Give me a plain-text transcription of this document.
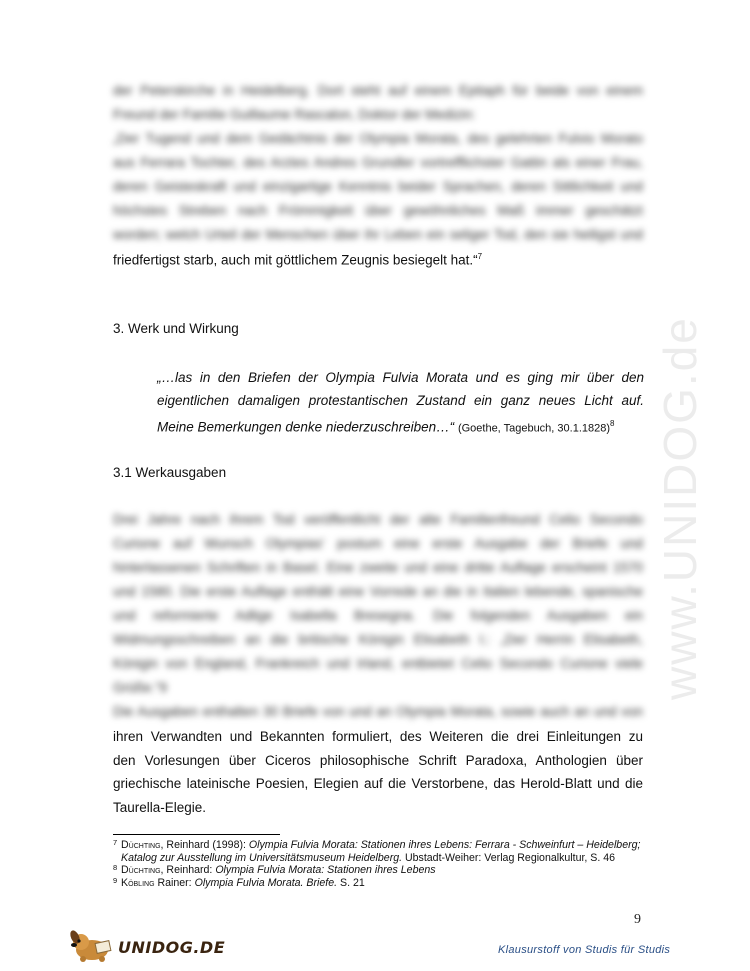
www.UNIDOG.de
der Peterskirche in Heidelberg. Dort steht auf einem Epitaph für beide von einem
Freund der Familie Guillaume Rascalon, Doktor der Medizin:
„Der Tugend und dem Gedächtnis der Olympia Morata, des gelehrten Fulvio Morato
aus Ferrara Tochter, des Arztes Andres Grundler vortrefflichster Gattin als einer Frau,
deren Geisteskraft und einzigartige Kenntnis beider Sprachen, deren Sittlichkeit und
höchstes Streben nach Frömmigkeit über gewöhnliches Maß immer geschätzt
worden; welch Urteil der Menschen über ihr Leben ein seliger Tod, den sie heiligst und
friedfertigst starb, auch mit göttlichem Zeugnis besiegelt hat.“$^7$
3. Werk und Wirkung
„…las in den Briefen der Olympia Fulvia Morata und es ging mir über den eigentlichen damaligen protestantischen Zustand ein ganz neues Licht auf. Meine Bemerkungen denke niederzuschreiben…“ (Goethe, Tagebuch, 30.1.1828)$^8$
3.1 Werkausgaben
Drei Jahre nach ihrem Tod veröffentlicht der alte Familienfreund Celio Secondo
Curione auf Wunsch Olympias' postum eine erste Ausgabe der Briefe und
hinterlassenen Schriften in Basel. Eine zweite und eine dritte Auflage erscheint 1570
und 1580. Die erste Auflage enthält eine Vorrede an die in Italien lebende, spanische
und reformierte Adlige Isabella Bresegna. Die folgenden Ausgaben ein
Widmungsschreiben an die britische Königin Elisabeth I.: „Der Herrin Elisabeth,
Königin von England, Frankreich und Irland, entbietet Celio Secondo Curione viele
Grüße.“9
Die Ausgaben enthalten 30 Briefe von und an Olympia Morata, sowie auch an und von
ihren Verwandten und Bekannten formuliert, des Weiteren die drei Einleitungen zu
den Vorlesungen über Ciceros philosophische Schrift Paradoxa, Anthologien über
griechische lateinische Poesien, Elegien auf die Verstorbene, das Herold-Blatt und die
Taurella-Elegie.
7 Düchting, Reinhard (1998): Olympia Fulvia Morata: Stationen ihres Lebens: Ferrara - Schweinfurt – Heidelberg; Katalog zur Ausstellung im Universitätsmuseum Heidelberg. Ubstadt-Weiher: Verlag Regionalkultur, S. 46
8 Düchting, Reinhard: Olympia Fulvia Morata: Stationen ihres Lebens
9 Köbling Rainer: Olympia Fulvia Morata. Briefe. S. 21
9
UNIDOG.DE	Klausurstoff von Studis für Studis
